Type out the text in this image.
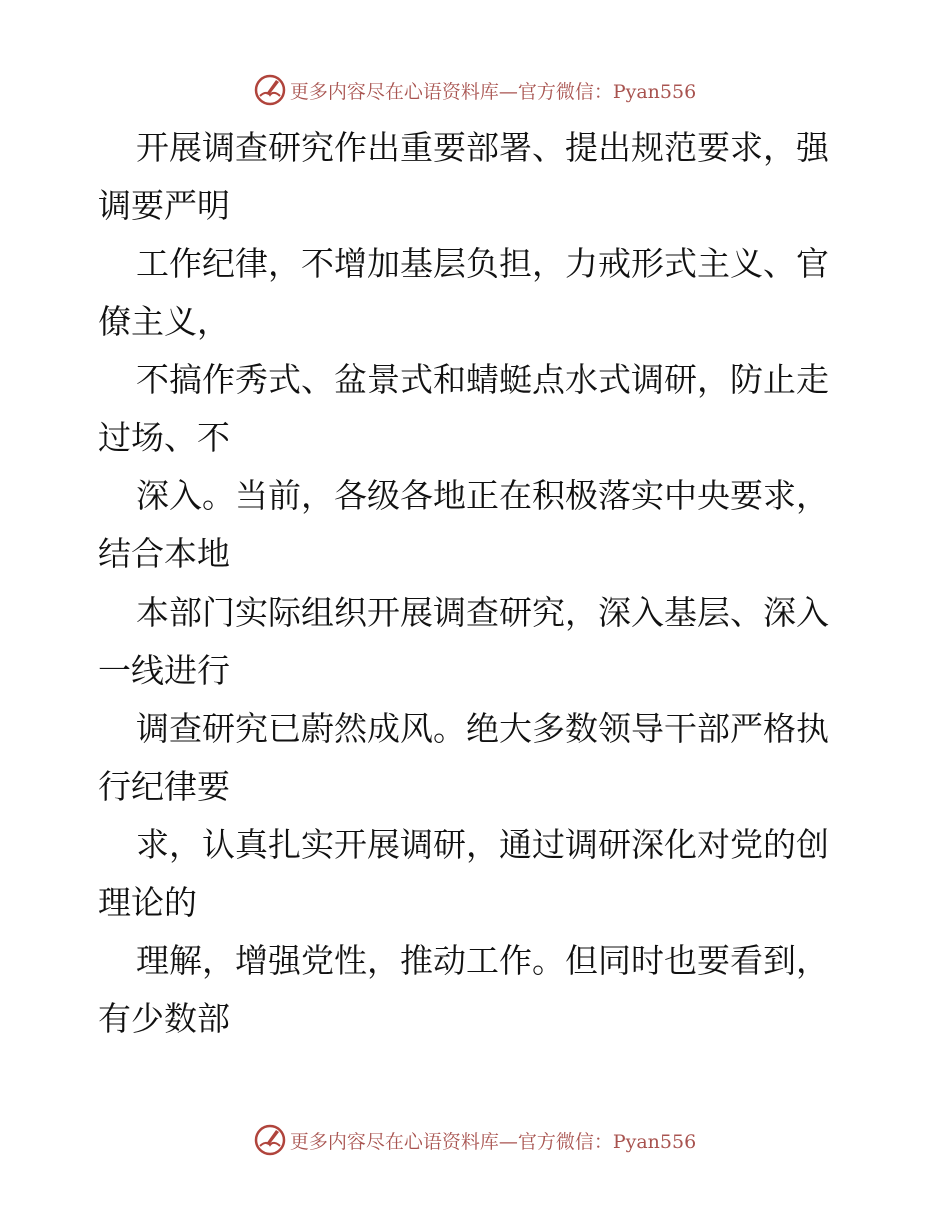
更多内容尽在心语资料库—官方微信：Pyan556
开展调查研究作出重要部署、提出规范要求，强
调要严明
工作纪律，不增加基层负担，力戒形式主义、官
僚主义，
不搞作秀式、盆景式和蜻蜓点水式调研，防止走
过场、不
深入。当前，各级各地正在积极落实中央要求，
结合本地
本部门实际组织开展调查研究，深入基层、深入
一线进行
调查研究已蔚然成风。绝大多数领导干部严格执
行纪律要
求，认真扎实开展调研，通过调研深化对党的创
理论的
理解，增强党性，推动工作。但同时也要看到，
有少数部
更多内容尽在心语资料库—官方微信：Pyan556
